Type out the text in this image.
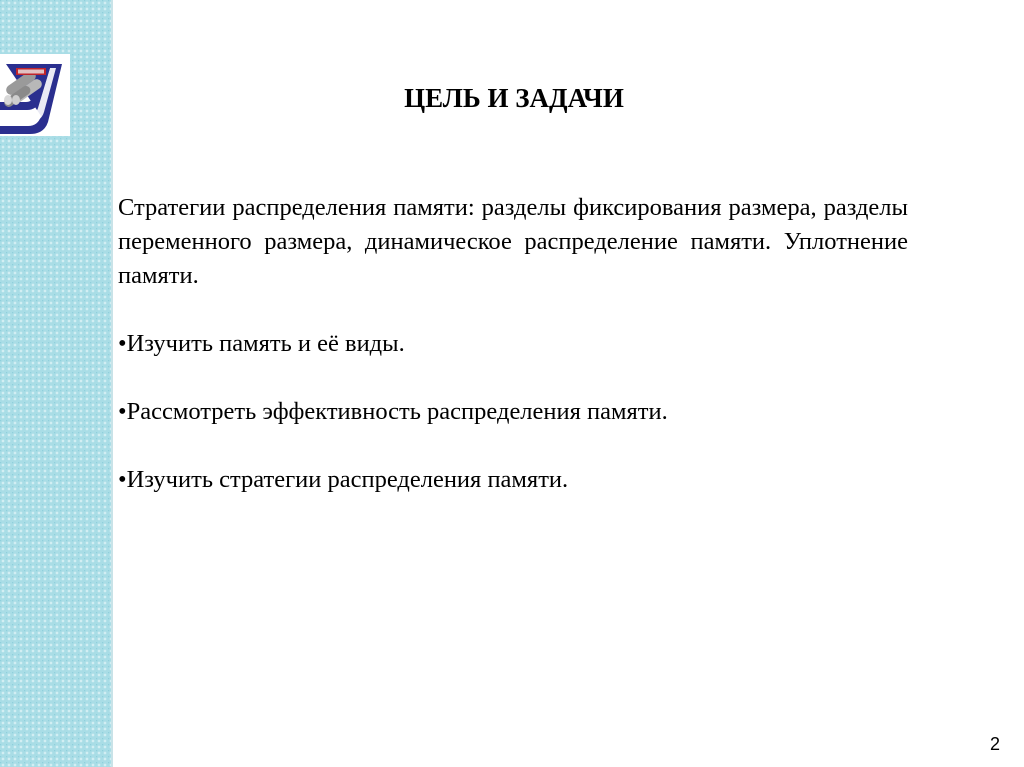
ЦЕЛЬ И ЗАДАЧИ

Стратегии распределения памяти: разделы фиксирования размера, разделы переменного размера, динамическое распределение памяти. Уплотнение памяти.

•Изучить память и её виды.

•Рассмотреть эффективность распределения памяти.

•Изучить стратегии распределения памяти.

2
